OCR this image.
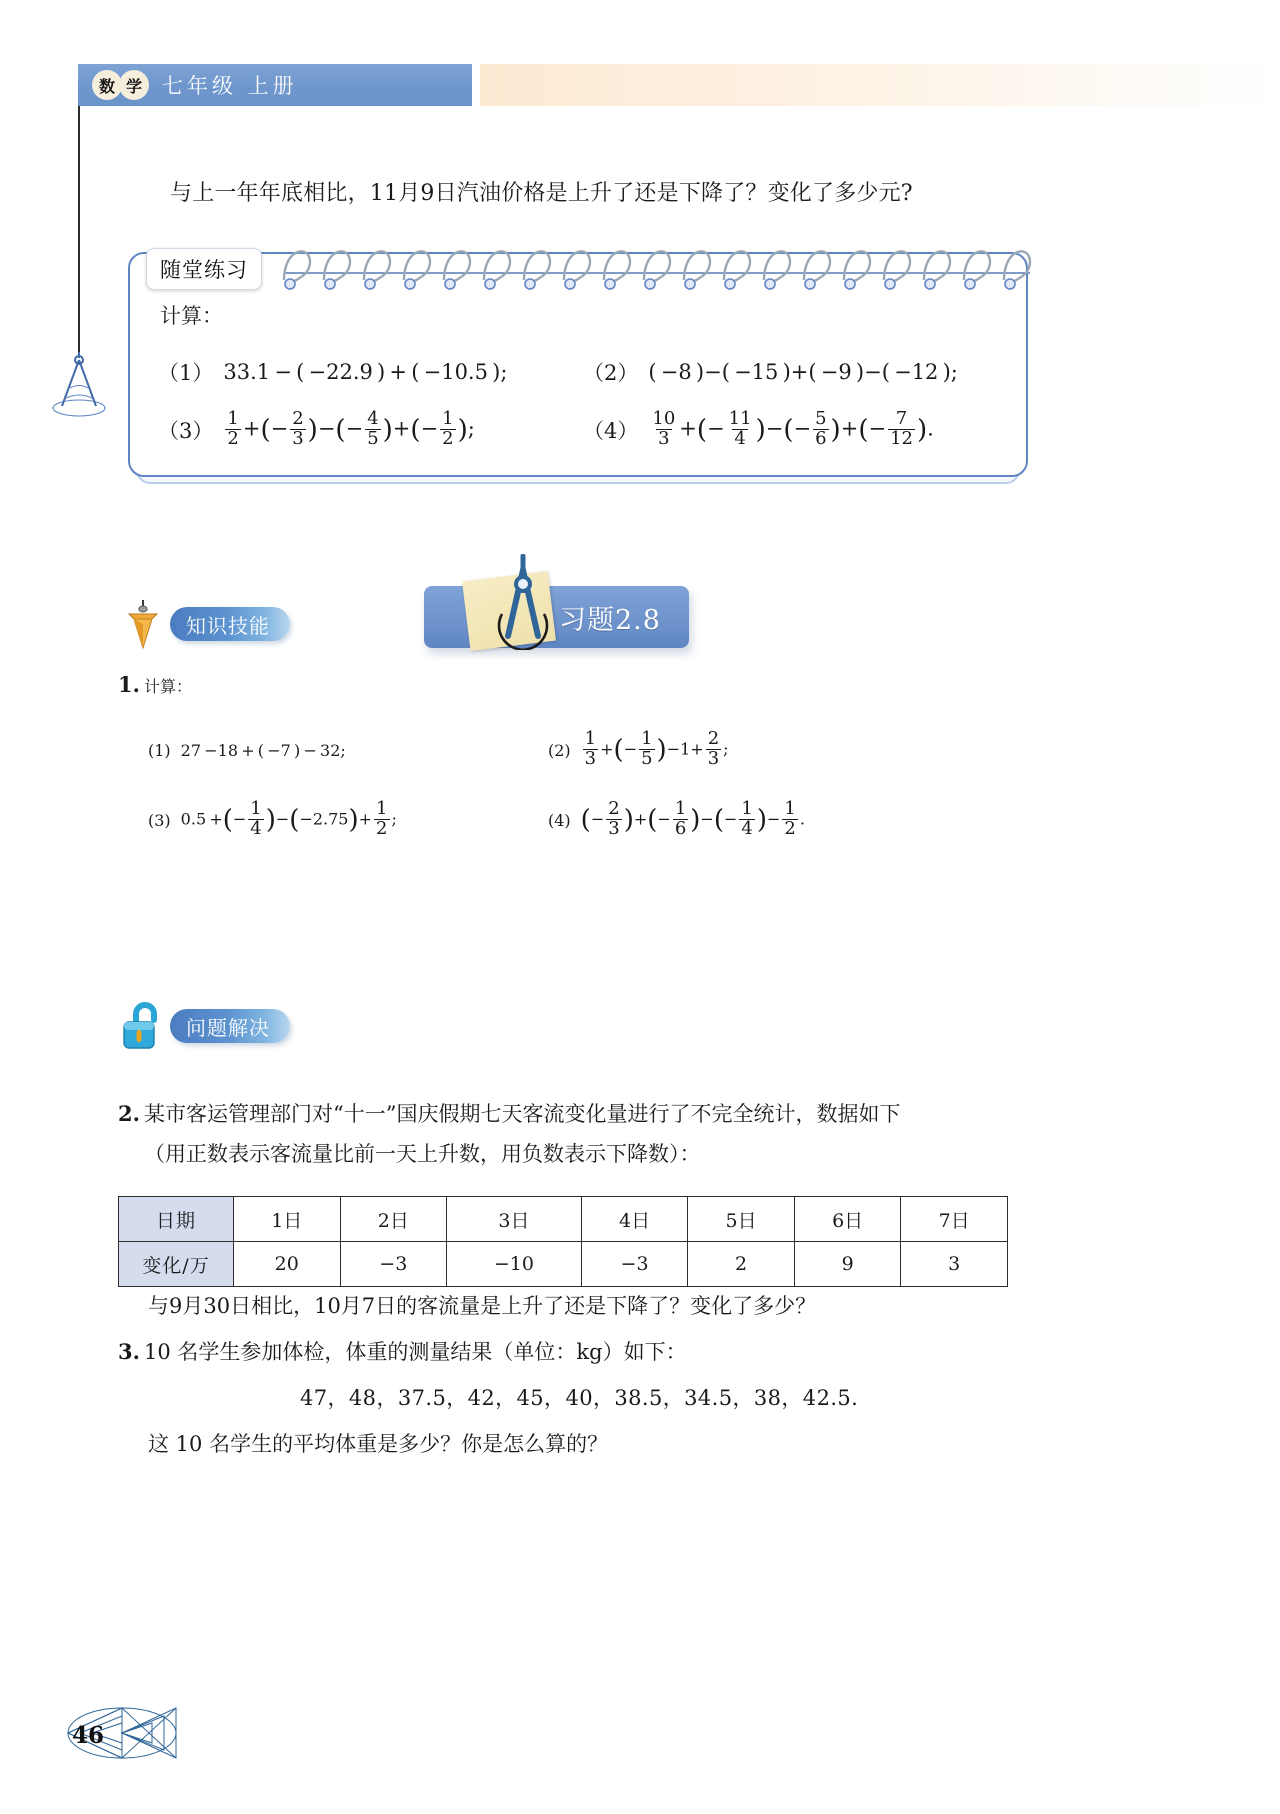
数 学 七年级 上册
与上一年年底相比，11月9日汽油价格是上升了还是下降了？变化了多少元?
随堂练习
计算：
（1） 33.1 − ( −22.9 ) + ( −10.5 );
$(3) \frac{1}{2}$ +(− $\frac{2}{3}$ )−(− $\frac{4}{5}$ )+(− $\frac{1}{2}$ );
（2） ( −8 )−( −15 )+( −9 )−( −12 );
$(4) \frac{10}{3}$ +(− $\frac{11}{4}$ )−(− $\frac{5}{6}$ )+(− $\frac{7}{12}$ ).
习题2.8
知识技能
1. 计算：
(1) 27 −18 + ( −7 ) − 32;	$(2) \frac{1}{3}$ +(− $\frac{1}{5} )-1+ \frac{2}{3}$ ;
(3) 0.5 +(− $\frac{1}{4} )-(-2.75)+ \frac{1}{2}$ ;	(4) (− $\frac{2}{3}$ )+(− $\frac{1}{6}$ )−(− $\frac{1}{4}$ )− $\frac{1}{2}$ .
问题解决
2. 某市客运管理部门对“十一”国庆假期七天客流变化量进行了不完全统计，数据如下
（用正数表示客流量比前一天上升数，用负数表示下降数）：
日期	1日	2日	3日	4日	5日	6日	7日
变化/万	20	−3	−10	−3	2	9	3
与9月30日相比，10月7日的客流量是上升了还是下降了？变化了多少？
3. 10 名学生参加体检，体重的测量结果（单位：kg）如下：
47，48，37.5，42，45，40，38.5，34.5，38，42.5.
这 10 名学生的平均体重是多少？你是怎么算的？
46
